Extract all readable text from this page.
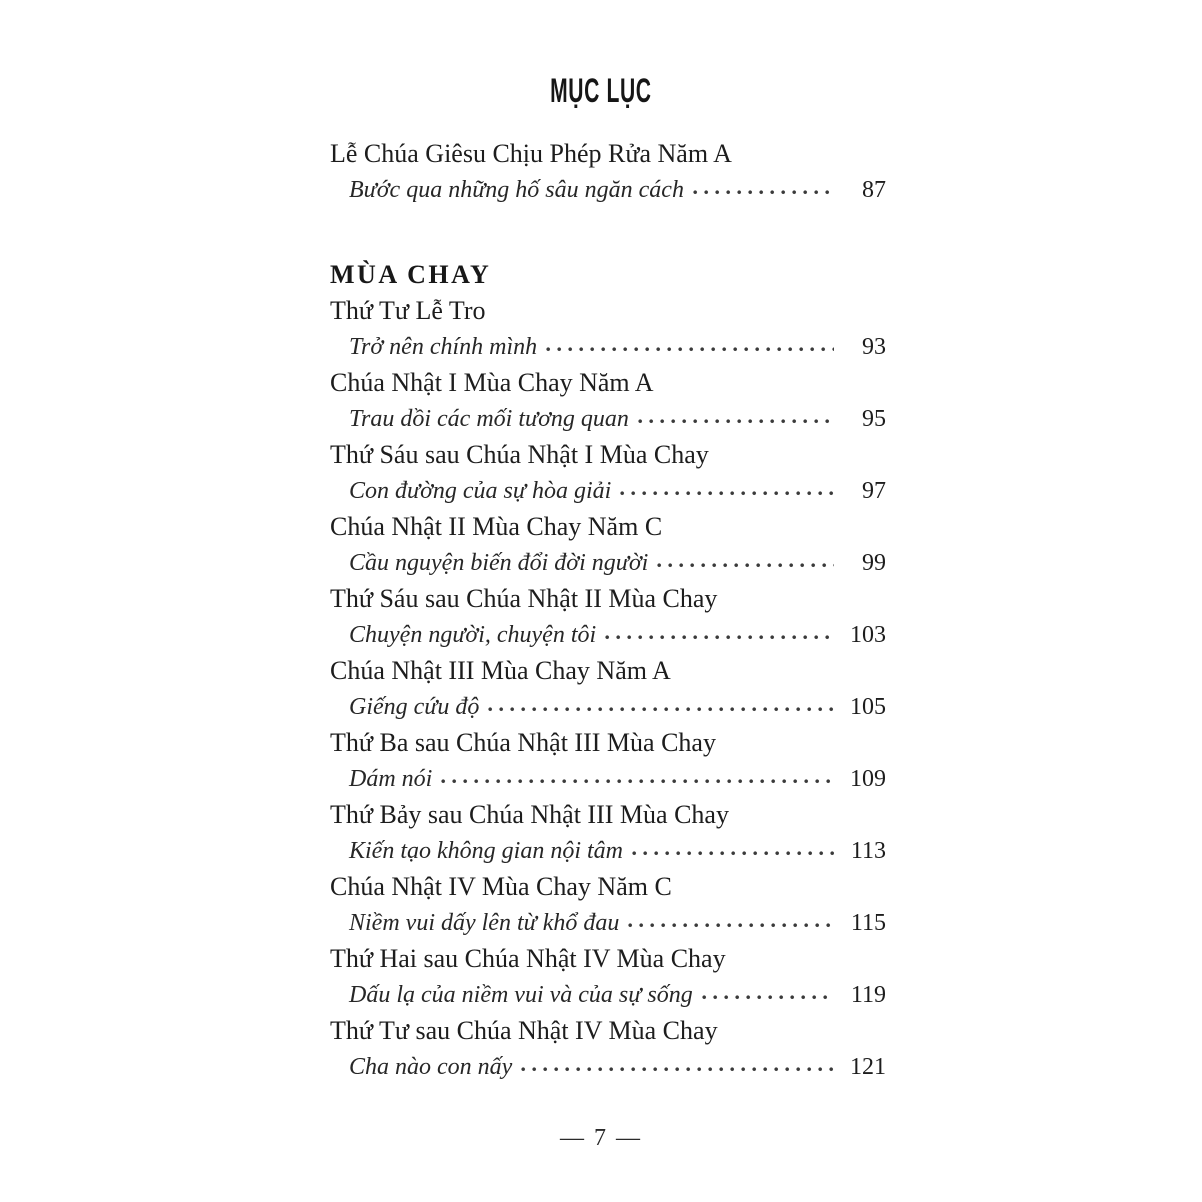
MỤC LỤC
Lễ Chúa Giêsu Chịu Phép Rửa Năm A
Bước qua những hố sâu ngăn cách	87
MÙA CHAY
Thứ Tư Lễ Tro
Trở nên chính mình	93
Chúa Nhật I Mùa Chay Năm A
Trau dồi các mối tương quan	95
Thứ Sáu sau Chúa Nhật I Mùa Chay
Con đường của sự hòa giải	97
Chúa Nhật II Mùa Chay Năm C
Cầu nguyện biến đổi đời người	99
Thứ Sáu sau Chúa Nhật II Mùa Chay
Chuyện người, chuyện tôi	103
Chúa Nhật III Mùa Chay Năm A
Giếng cứu độ	105
Thứ Ba sau Chúa Nhật III Mùa Chay
Dám nói	109
Thứ Bảy sau Chúa Nhật III Mùa Chay
Kiến tạo không gian nội tâm	113
Chúa Nhật IV Mùa Chay Năm C
Niềm vui dấy lên từ khổ đau	115
Thứ Hai sau Chúa Nhật IV Mùa Chay
Dấu lạ của niềm vui và của sự sống	119
Thứ Tư sau Chúa Nhật IV Mùa Chay
Cha nào con nấy	121
— 7 —
